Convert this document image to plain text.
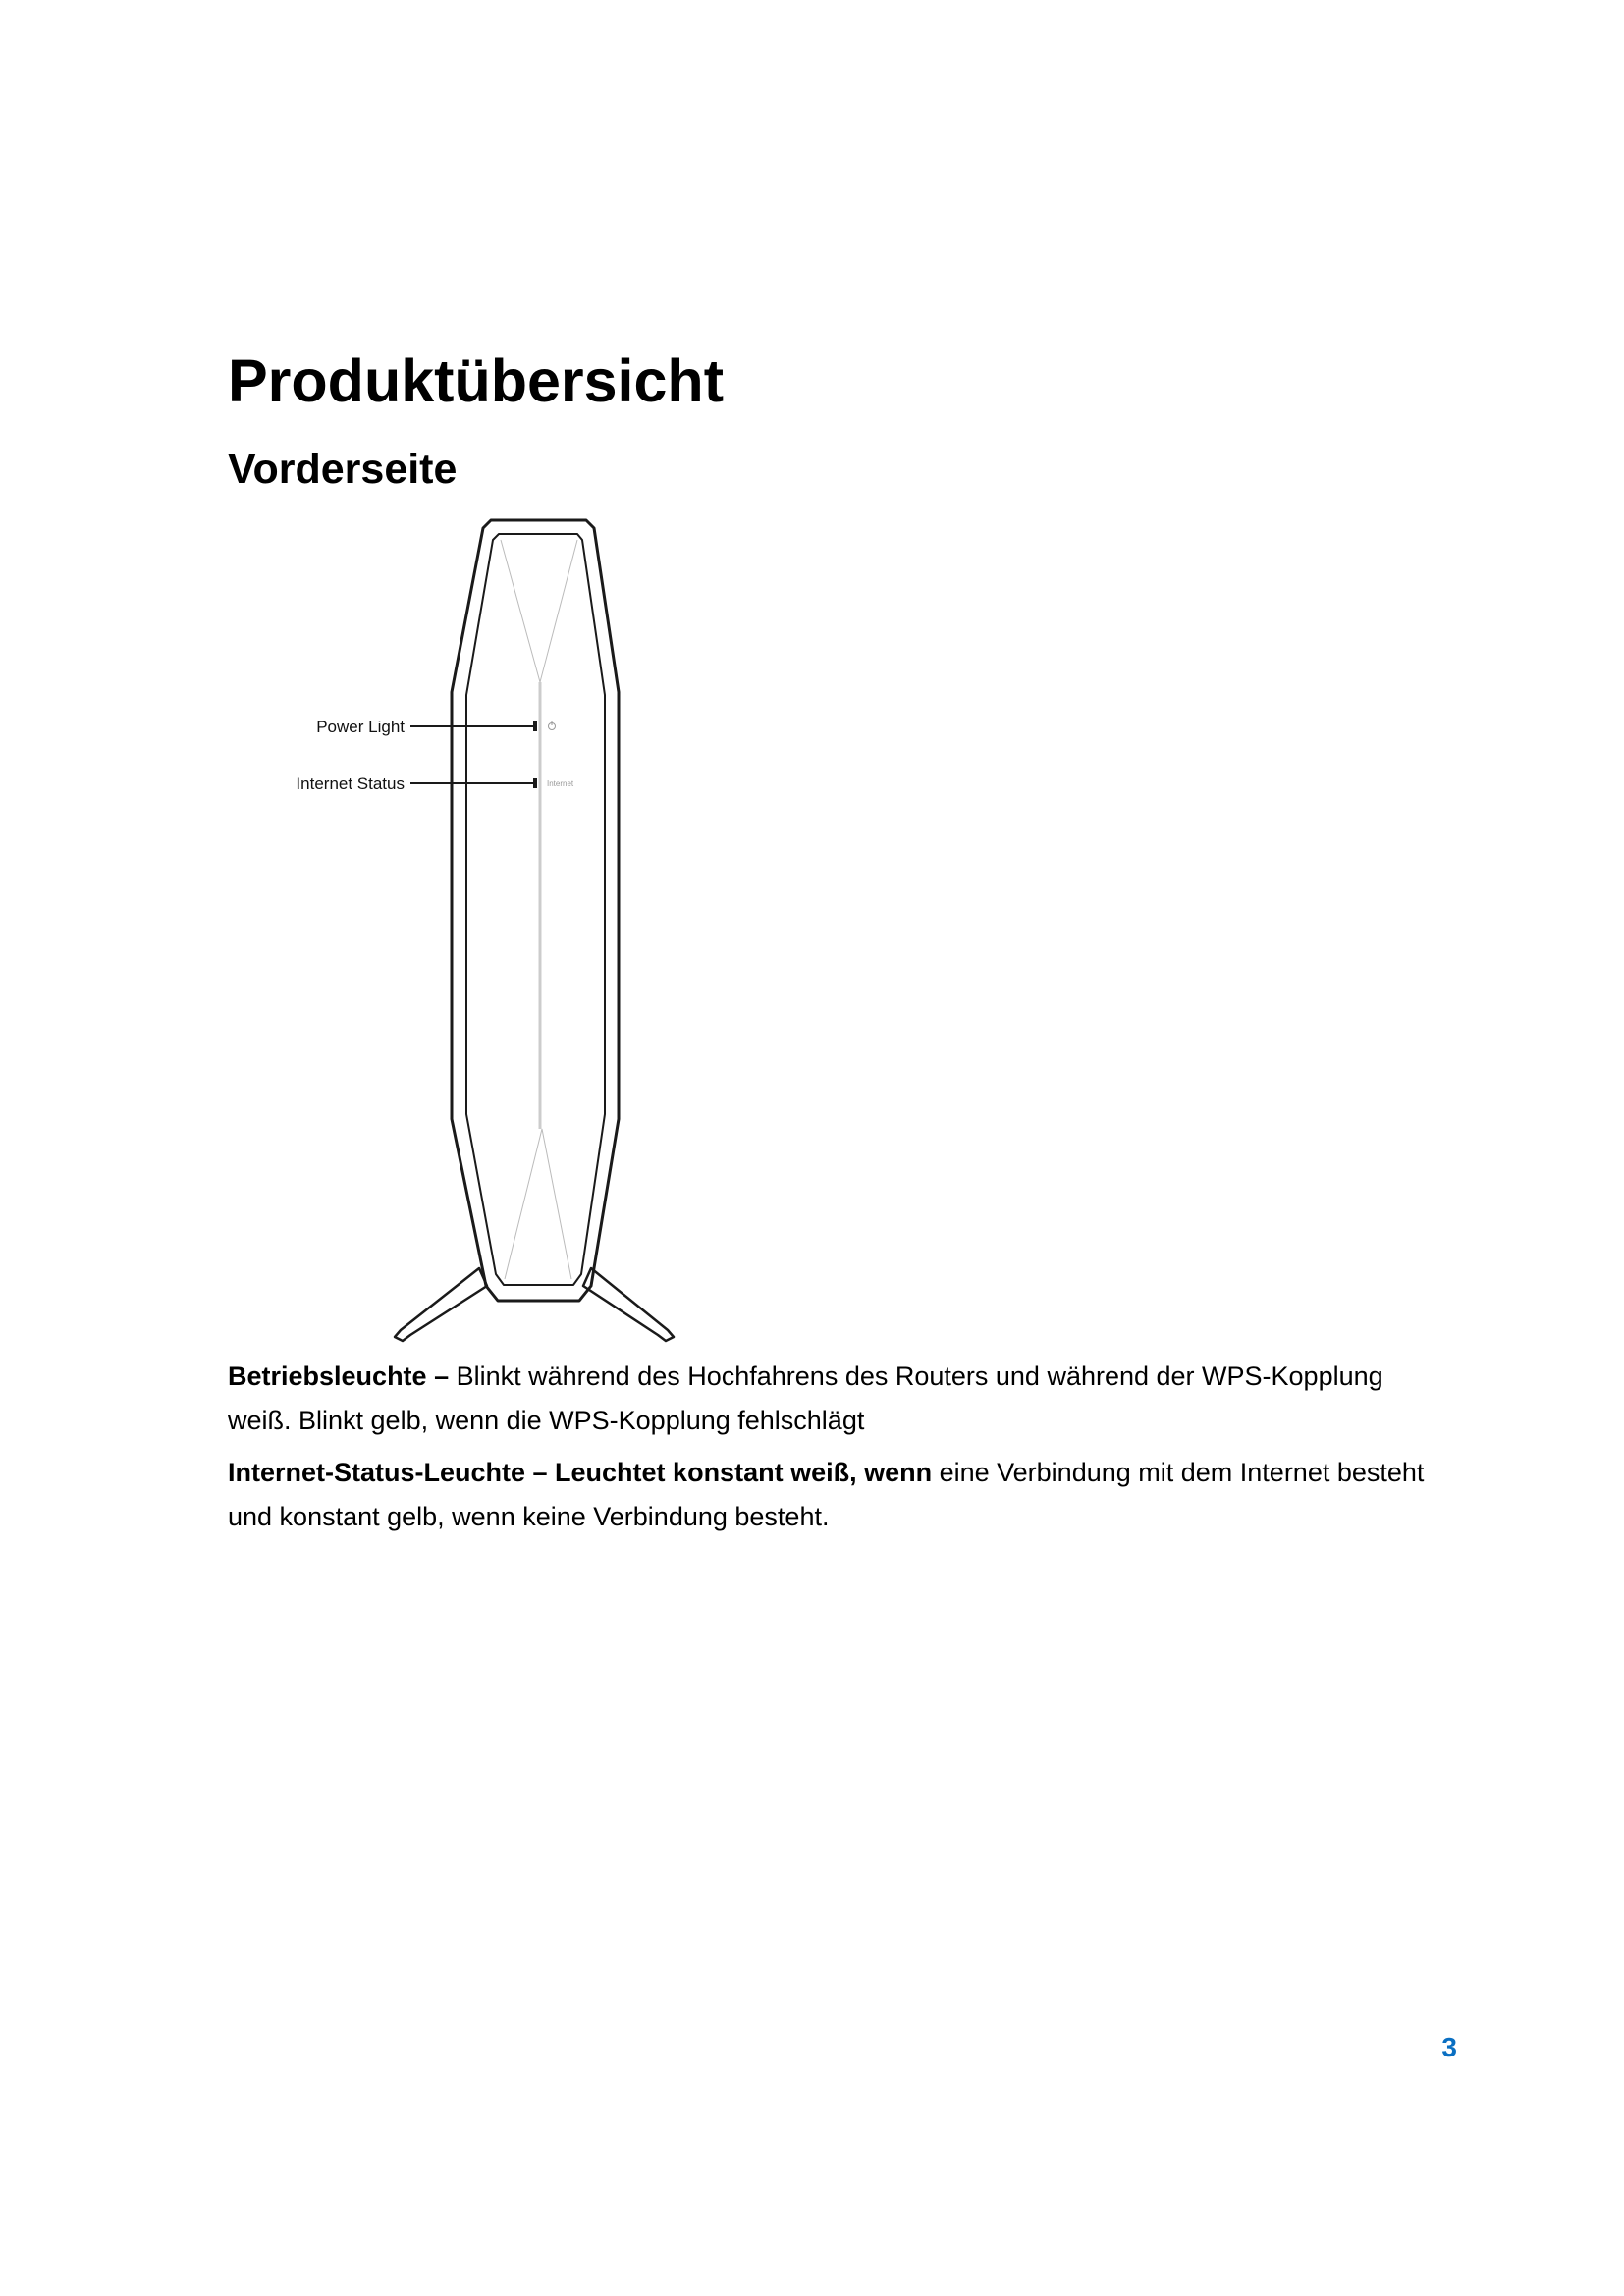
Produktübersicht
Vorderseite
Power Light
Internet Status	Internet

Betriebsleuchte – Blinkt während des Hochfahrens des Routers und während der WPS-Kopplung weiß. Blinkt gelb, wenn die WPS-Kopplung fehlschlägt

Internet-Status-Leuchte – Leuchtet konstant weiß, wenn eine Verbindung mit dem Internet besteht und konstant gelb, wenn keine Verbindung besteht.

3
